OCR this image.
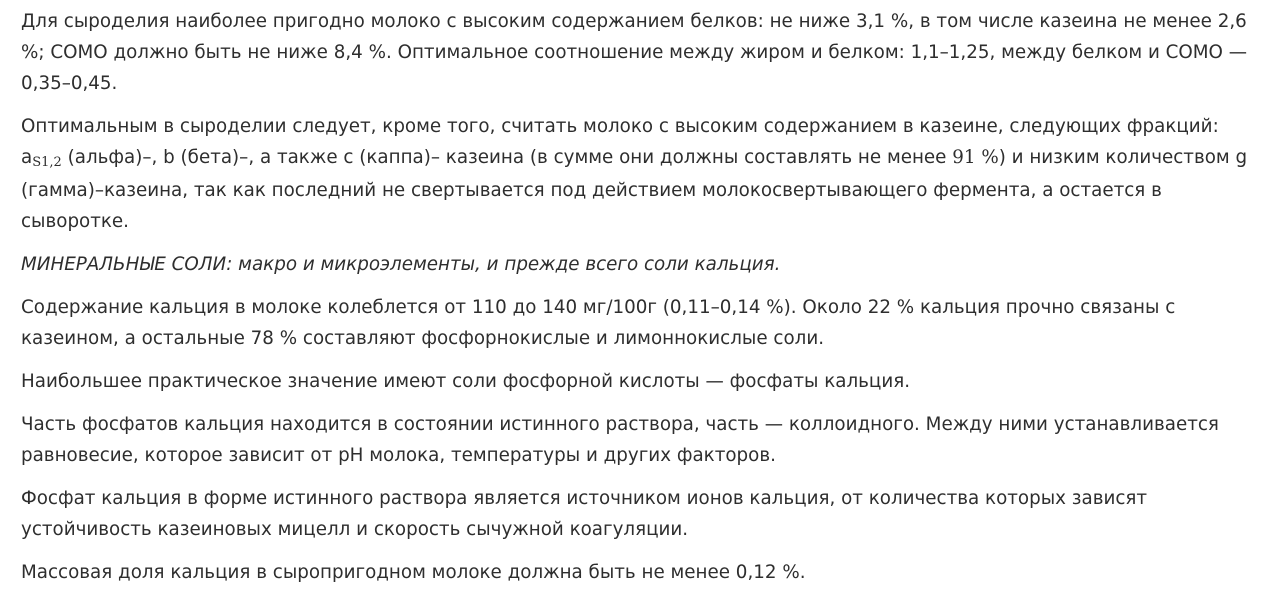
Для сыроделия наиболее пригодно молоко с высоким содержанием белков: не ниже 3,1 %, в том числе казеина не менее 2,6 %; СОМО должно быть не ниже 8,4 %. Оптимальное соотношение между жиром и белком: 1,1–1,25, между белком и СОМО — 0,35–0,45.

Оптимальным в сыроделии следует, кроме того, считать молоко с высоким содержанием в казеине, следующих фракций: aS1,2 (альфа)–, b (бета)–, а также c (каппа)– казеина (в сумме они должны составлять не менее 91 %) и низким количеством g (гамма)–казеина, так как последний не свертывается под действием молокосвертывающего фермента, а остается в сыворотке.

МИНЕРАЛЬНЫЕ СОЛИ: макро и микроэлементы, и прежде всего соли кальция.

Содержание кальция в молоке колеблется от 110 до 140 мг/100г (0,11–0,14 %). Около 22 % кальция прочно связаны с казеином, а остальные 78 % составляют фосфорнокислые и лимоннокислые соли.

Наибольшее практическое значение имеют соли фосфорной кислоты — фосфаты кальция.

Часть фосфатов кальция находится в состоянии истинного раствора, часть — коллоидного. Между ними устанавливается равновесие, которое зависит от pH молока, температуры и других факторов.

Фосфат кальция в форме истинного раствора является источником ионов кальция, от количества которых зависят устойчивость казеиновых мицелл и скорость сычужной коагуляции.

Массовая доля кальция в сыропригодном молоке должна быть не менее 0,12 %.
